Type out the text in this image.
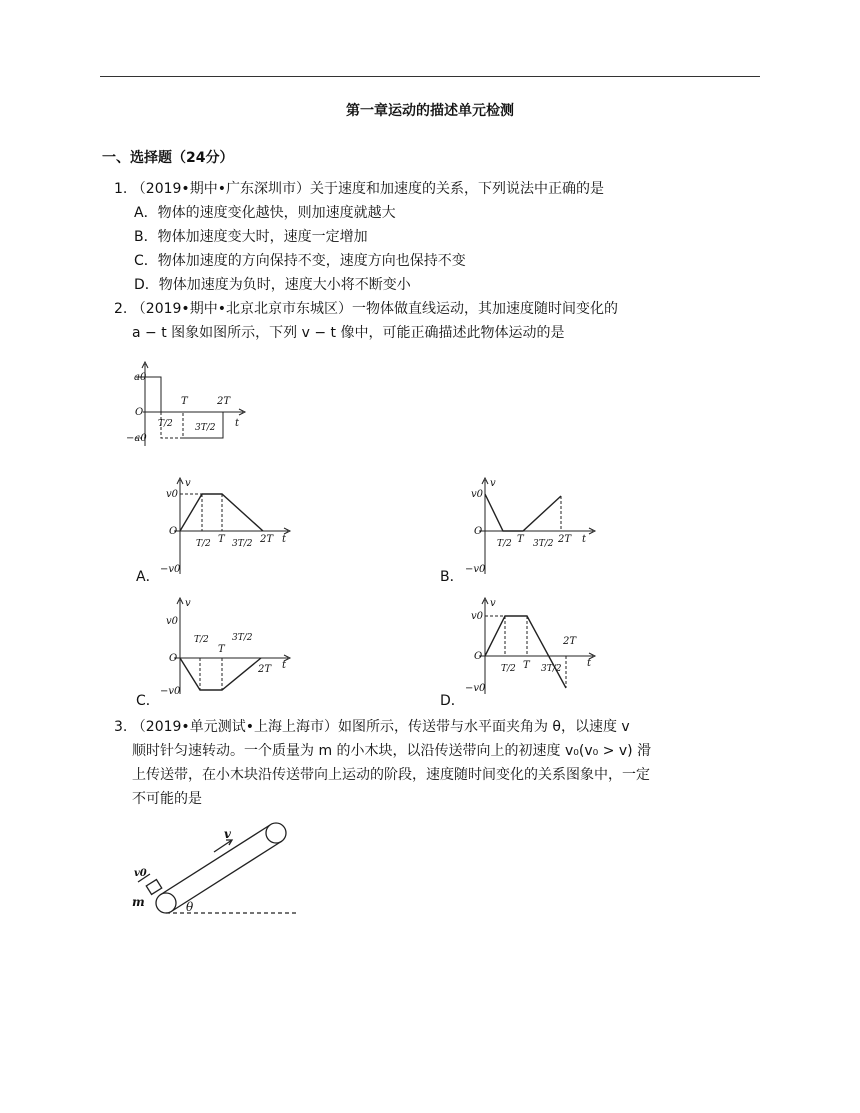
第一章运动的描述单元检测
一、选择题（24分）
1. （2019•期中•广东深圳市）关于速度和加速度的关系，下列说法中正确的是
A．物体的速度变化越快，则加速度就越大
B．物体加速度变大时，速度一定增加
C．物体加速度的方向保持不变，速度方向也保持不变
D．物体加速度为负时，速度大小将不断变小
2. （2019•期中•北京北京市东城区）一物体做直线运动，其加速度随时间变化的
a − t 图象如图所示，下列 v − t 像中，可能正确描述此物体运动的是
a0
O
−a0
T	2T
t
T/2 3T/2
v
v0
O
−v0
T/2 T 3T/2 2T t
A．
v
v0
O
−v0
T/2 T 3T/2 2T t
B．
v
v0
O
−v0
T/2
T
3T/2
2T t
C．
v
v0
O
−v0
T/2 T 3T/2
2T
t
D．
3. （2019•单元测试•上海上海市）如图所示，传送带与水平面夹角为 θ，以速度 v
顺时针匀速转动。一个质量为 m 的小木块，以沿传送带向上的初速度 v₀(v₀ > v) 滑
上传送带，在小木块沿传送带向上运动的阶段，速度随时间变化的关系图象中，一定
不可能的是
v
v0
m	θ
